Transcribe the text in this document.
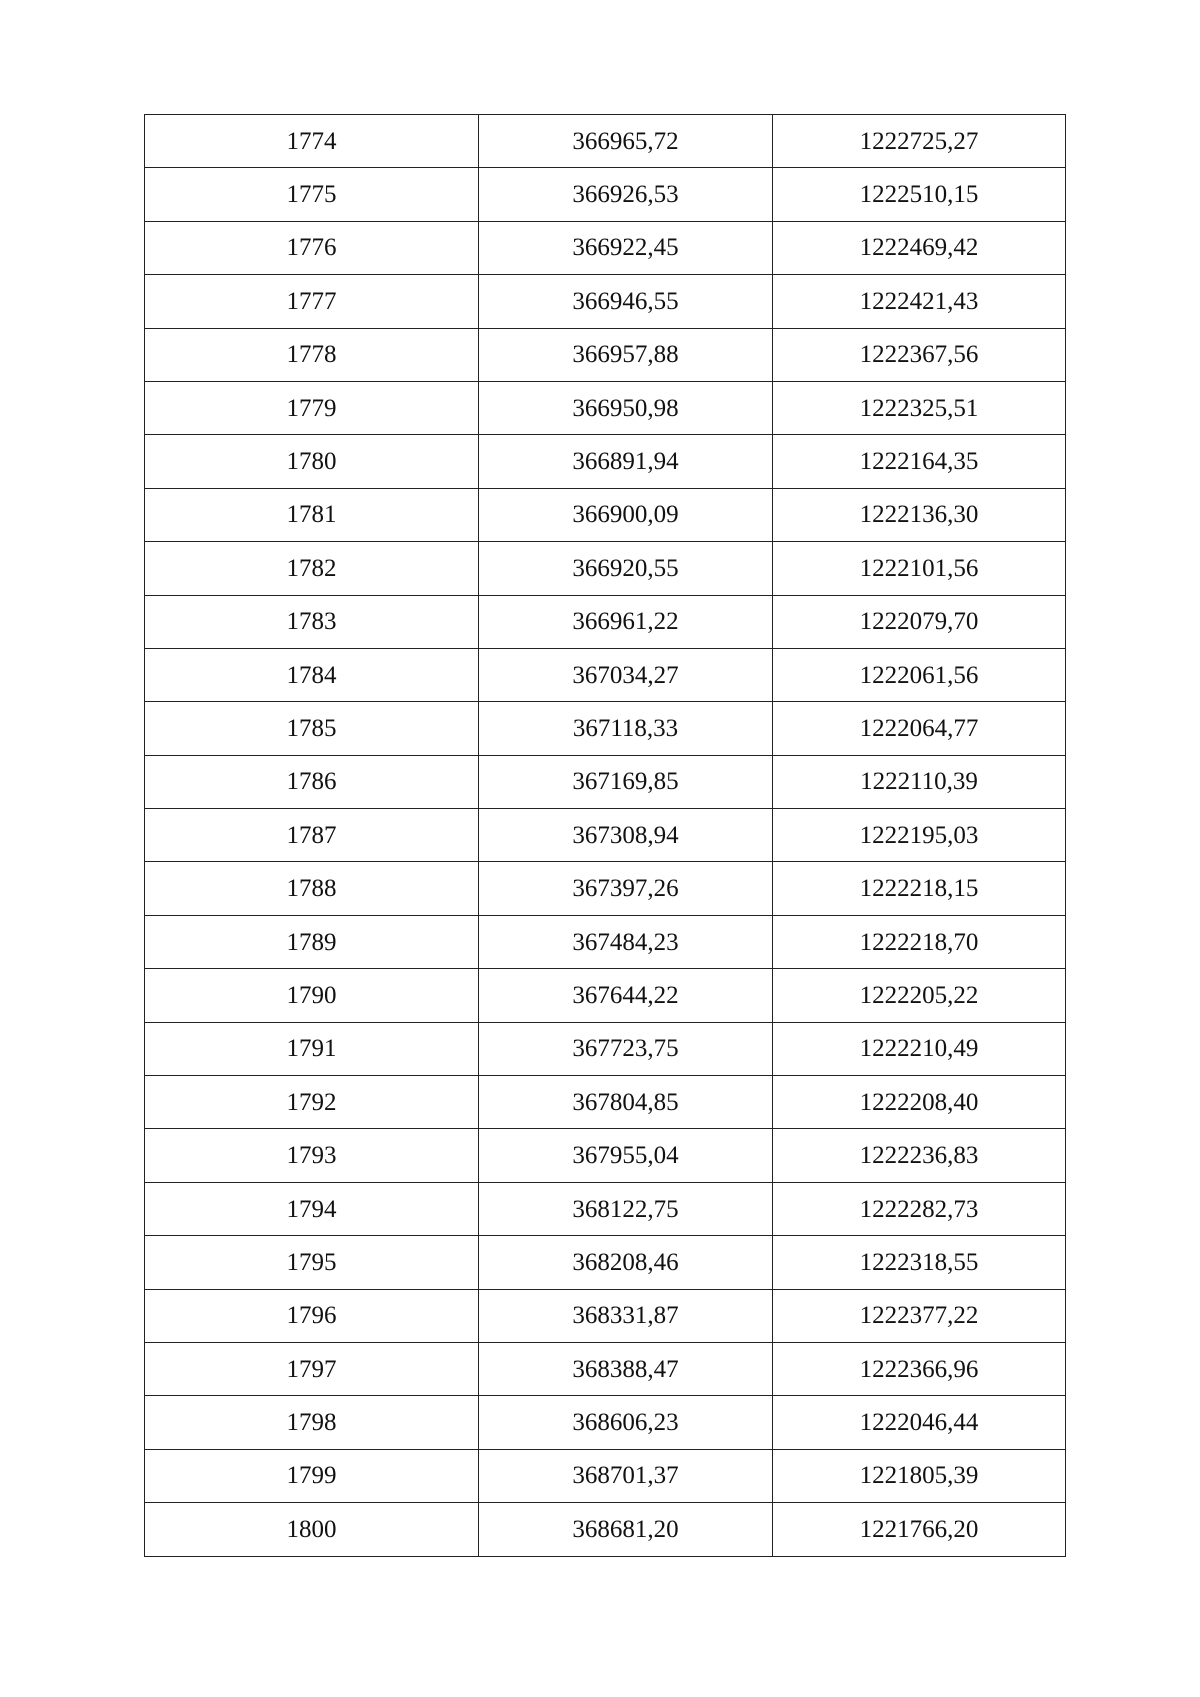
1774	366965,72	1222725,27
1775	366926,53	1222510,15
1776	366922,45	1222469,42
1777	366946,55	1222421,43
1778	366957,88	1222367,56
1779	366950,98	1222325,51
1780	366891,94	1222164,35
1781	366900,09	1222136,30
1782	366920,55	1222101,56
1783	366961,22	1222079,70
1784	367034,27	1222061,56
1785	367118,33	1222064,77
1786	367169,85	1222110,39
1787	367308,94	1222195,03
1788	367397,26	1222218,15
1789	367484,23	1222218,70
1790	367644,22	1222205,22
1791	367723,75	1222210,49
1792	367804,85	1222208,40
1793	367955,04	1222236,83
1794	368122,75	1222282,73
1795	368208,46	1222318,55
1796	368331,87	1222377,22
1797	368388,47	1222366,96
1798	368606,23	1222046,44
1799	368701,37	1221805,39
1800	368681,20	1221766,20
